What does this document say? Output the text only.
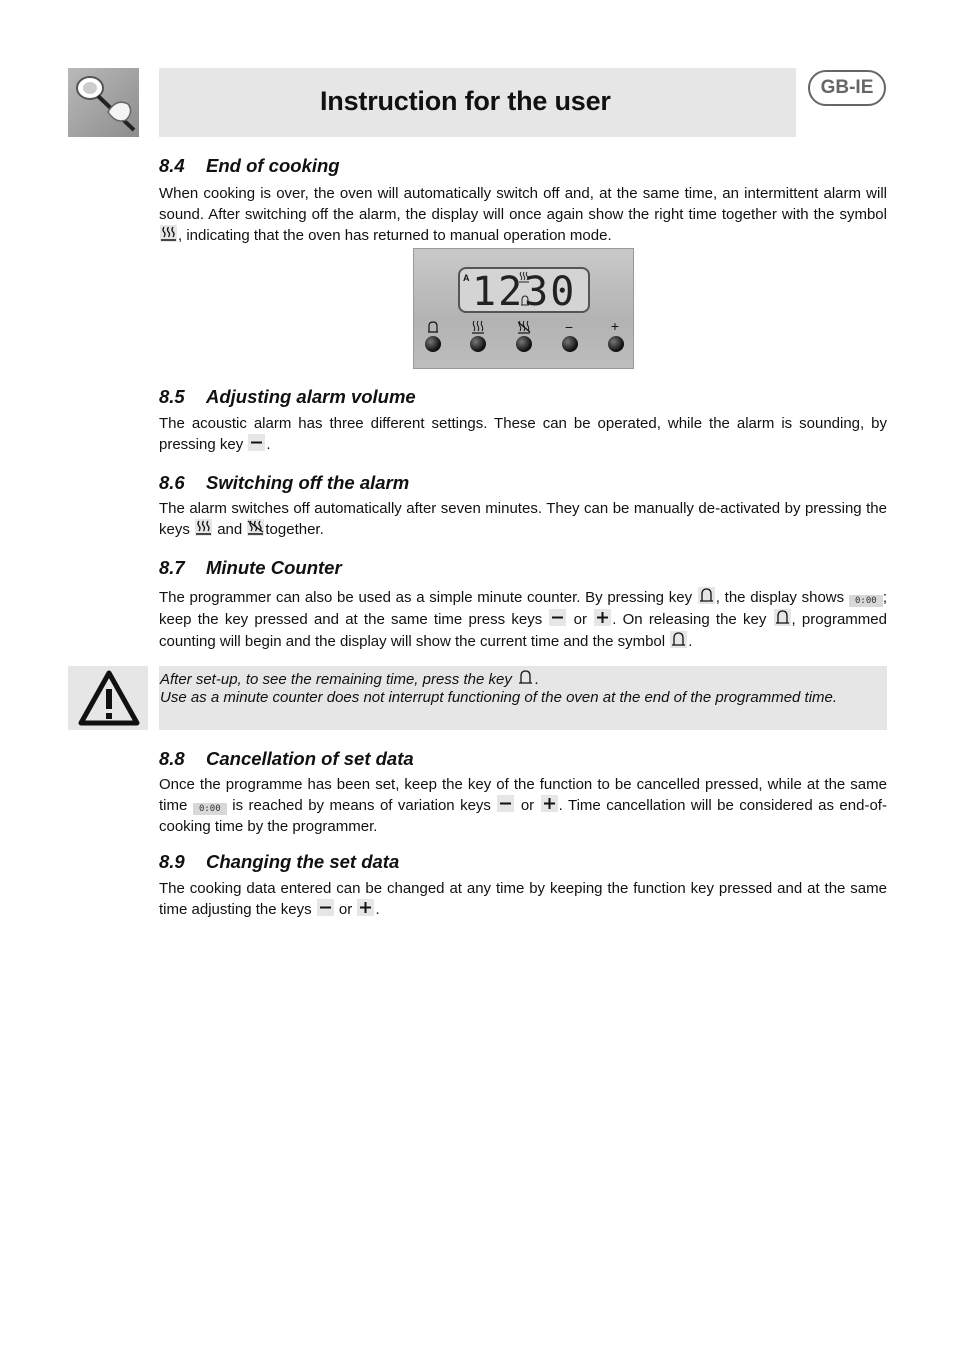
Instruction for the user	GB-IE
8.4 End of cooking

When cooking is over, the oven will automatically switch off and, at the same time, an intermittent alarm will sound. After switching off the alarm, the display will once again show the right time together with the symbol
, indicating that the oven has returned to manual operation mode.

A 1230
−	+
8.5 Adjusting alarm volume

The acoustic alarm has three different settings. These can be operated, while the alarm is sounding, by pressing key .

8.6 Switching off the alarm

The alarm switches off automatically after seven minutes. They can be manually de-activated by pressing the keys and together.

8.7 Minute Counter

The programmer can also be used as a simple minute counter. By pressing key , the display shows 0:00 ; keep the key pressed and at the same time press keys or . On releasing the key , programmed counting will begin and the display will show the current time and the symbol .

After set-up, to see the remaining time, press the key .

Use as a minute counter does not interrupt functioning of the oven at the end of the programmed time.

8.8 Cancellation of set data

Once the programme has been set, keep the key of the function to be cancelled pressed, while at the same time 0:00 is reached by means of variation keys or . Time cancellation will be considered as end-of-cooking time by the programmer.

8.9 Changing the set data

The cooking data entered can be changed at any time by keeping the function key pressed and at the same time adjusting the keys or .
